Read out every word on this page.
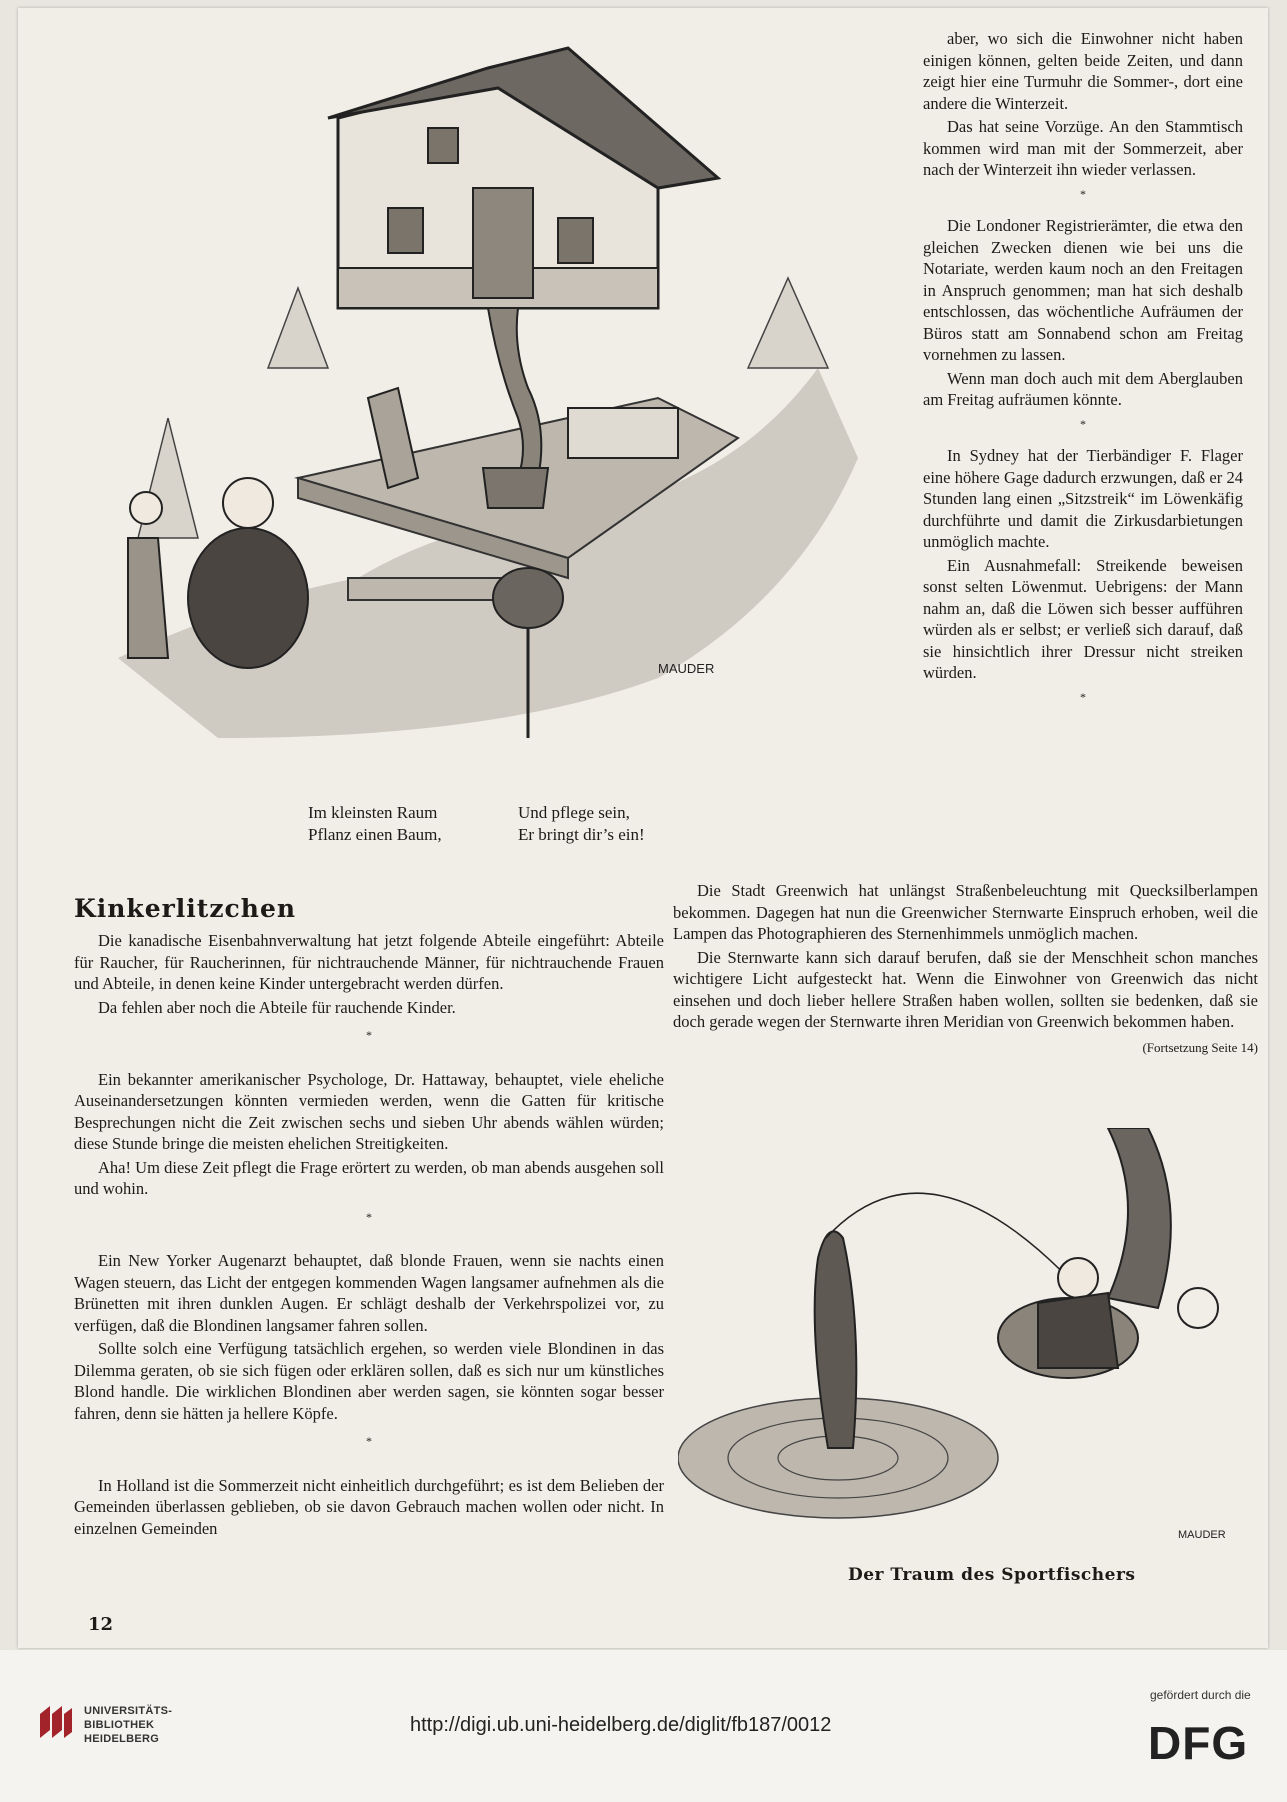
MAUDER
Im kleinsten Raum
Pflanz einen Baum,
Und pflege sein,
Er bringt dir’s ein!

aber, wo sich die Einwohner nicht haben einigen können, gelten beide Zeiten, und dann zeigt hier eine Turmuhr die Sommer-, dort eine andere die Winterzeit.

Das hat seine Vorzüge. An den Stammtisch kommen wird man mit der Sommerzeit, aber nach der Winterzeit ihn wieder verlassen.

*

Die Londoner Registrierämter, die etwa den gleichen Zwecken dienen wie bei uns die Notariate, werden kaum noch an den Freitagen in Anspruch genommen; man hat sich deshalb entschlossen, das wöchentliche Aufräumen der Büros statt am Sonnabend schon am Freitag vornehmen zu lassen.

Wenn man doch auch mit dem Aberglauben am Freitag aufräumen könnte.

*

In Sydney hat der Tierbändiger F. Flager eine höhere Gage dadurch erzwungen, daß er 24 Stunden lang einen „Sitzstreik“ im Löwenkäfig durchführte und damit die Zirkusdarbietungen unmöglich machte.

Ein Ausnahmefall: Streikende beweisen sonst selten Löwenmut. Uebrigens: der Mann nahm an, daß die Löwen sich besser aufführen würden als er selbst; er verließ sich darauf, daß sie hinsichtlich ihrer Dressur nicht streiken würden.

*
Kinkerlitzchen

Die kanadische Eisenbahnverwaltung hat jetzt folgende Abteile eingeführt: Abteile für Raucher, für Raucherinnen, für nichtrauchende Männer, für nichtrauchende Frauen und Abteile, in denen keine Kinder untergebracht werden dürfen.

Da fehlen aber noch die Abteile für rauchende Kinder.

*

Ein bekannter amerikanischer Psychologe, Dr. Hattaway, behauptet, viele eheliche Auseinandersetzungen könnten vermieden werden, wenn die Gatten für kritische Besprechungen nicht die Zeit zwischen sechs und sieben Uhr abends wählen würden; diese Stunde bringe die meisten ehelichen Streitigkeiten.

Aha! Um diese Zeit pflegt die Frage erörtert zu werden, ob man abends ausgehen soll und wohin.

*

Ein New Yorker Augenarzt behauptet, daß blonde Frauen, wenn sie nachts einen Wagen steuern, das Licht der entgegen kommenden Wagen langsamer aufnehmen als die Brünetten mit ihren dunklen Augen. Er schlägt deshalb der Verkehrspolizei vor, zu verfügen, daß die Blondinen langsamer fahren sollen.

Sollte solch eine Verfügung tatsächlich ergehen, so werden viele Blondinen in das Dilemma geraten, ob sie sich fügen oder erklären sollen, daß es sich nur um künstliches Blond handle. Die wirklichen Blondinen aber werden sagen, sie könnten sogar besser fahren, denn sie hätten ja hellere Köpfe.

*

In Holland ist die Sommerzeit nicht einheitlich durchgeführt; es ist dem Belieben der Gemeinden überlassen geblieben, ob sie davon Gebrauch machen wollen oder nicht. In einzelnen Gemeinden

Die Stadt Greenwich hat unlängst Straßenbeleuchtung mit Quecksilberlampen bekommen. Dagegen hat nun die Greenwicher Sternwarte Einspruch erhoben, weil die Lampen das Photographieren des Sternenhimmels unmöglich machen.

Die Sternwarte kann sich darauf berufen, daß sie der Menschheit schon manches wichtigere Licht aufgesteckt hat. Wenn die Einwohner von Greenwich das nicht einsehen und doch lieber hellere Straßen haben wollen, sollten sie bedenken, daß sie doch gerade wegen der Sternwarte ihren Meridian von Greenwich bekommen haben.

(Fortsetzung Seite 14)
MAUDER
Der Traum des Sportfischers
12
UNIVERSITÄTS-
BIBLIOTHEK
HEIDELBERG
http://digi.ub.uni-heidelberg.de/diglit/fb187/0012
gefördert durch die
DFG
